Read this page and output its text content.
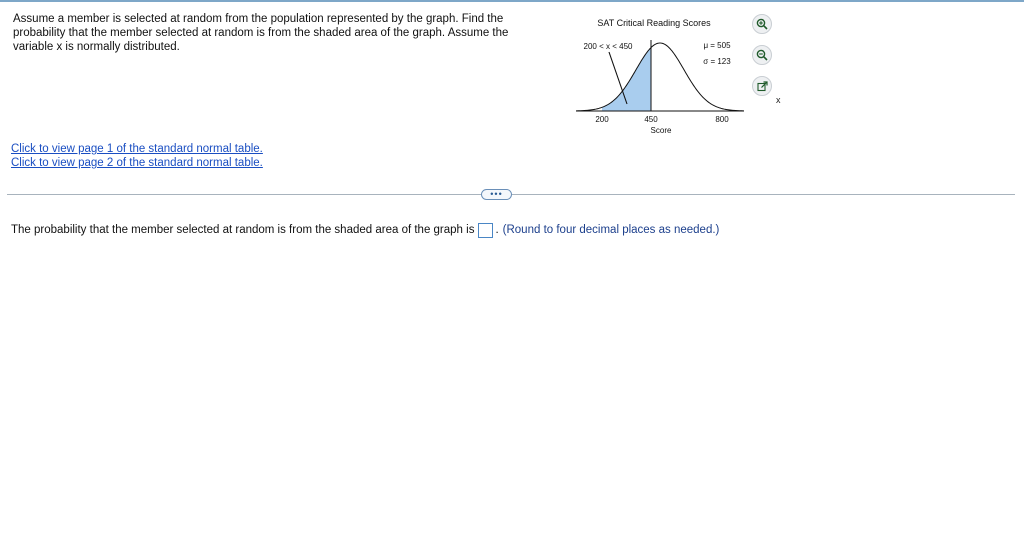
Assume a member is selected at random from the population represented by the graph. Find the probability that the member selected at random is from the shaded area of the graph. Assume the variable x is normally distributed.
SAT Critical Reading Scores
200 < x < 450	μ = 505
σ = 123
200	450	800
Score
x
Click to view page 1 of the standard normal table.
Click to view page 2 of the standard normal table.
•••
The probability that the member selected at random is from the shaded area of the graph is . (Round to four decimal places as needed.)
